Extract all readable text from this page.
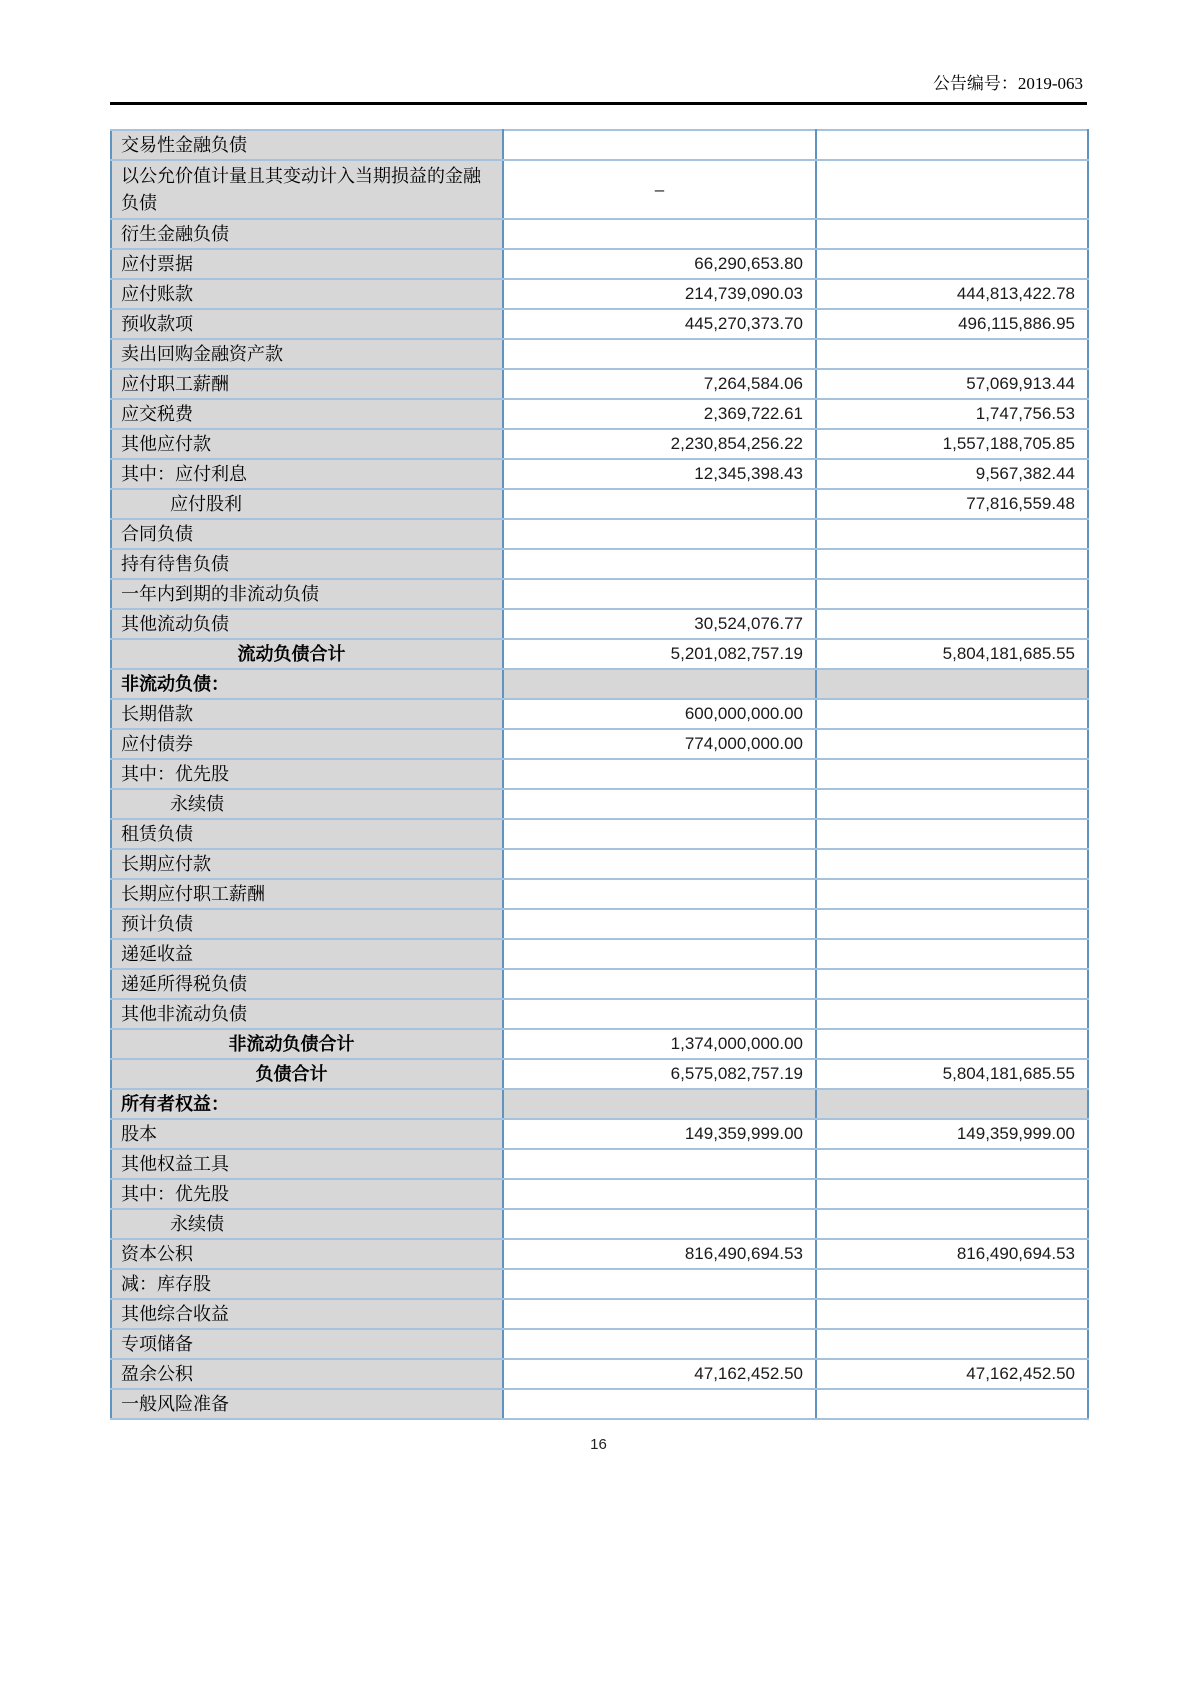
公告编号：2019-063
交易性金融负债		
以公允价值计量且其变动计入当期损益的金融负债	–	
衍生金融负债		
应付票据	66,290,653.80	
应付账款	214,739,090.03	444,813,422.78
预收款项	445,270,373.70	496,115,886.95
卖出回购金融资产款		
应付职工薪酬	7,264,584.06	57,069,913.44
应交税费	2,369,722.61	1,747,756.53
其他应付款	2,230,854,256.22	1,557,188,705.85
其中：应付利息	12,345,398.43	9,567,382.44
应付股利		77,816,559.48
合同负债		
持有待售负债		
一年内到期的非流动负债		
其他流动负债	30,524,076.77	
流动负债合计	5,201,082,757.19	5,804,181,685.55
非流动负债：		
长期借款	600,000,000.00	
应付债券	774,000,000.00	
其中：优先股		
永续债		
租赁负债		
长期应付款		
长期应付职工薪酬		
预计负债		
递延收益		
递延所得税负债		
其他非流动负债		
非流动负债合计	1,374,000,000.00	
负债合计	6,575,082,757.19	5,804,181,685.55
所有者权益：		
股本	149,359,999.00	149,359,999.00
其他权益工具		
其中：优先股		
永续债		
资本公积	816,490,694.53	816,490,694.53
减：库存股		
其他综合收益		
专项储备		
盈余公积	47,162,452.50	47,162,452.50
一般风险准备		
16
